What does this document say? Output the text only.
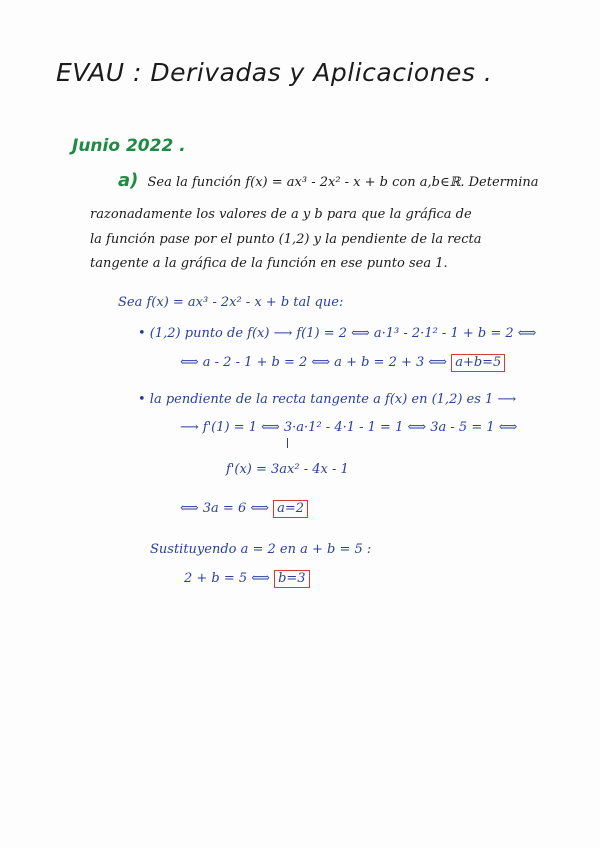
EVAU : Derivadas y Aplicaciones .
Junio 2022 .
a) Sea la función f(x) = ax³ - 2x² - x + b con a,b∈ℝ. Determina
razonadamente los valores de a y b para que la gráfica de
la función pase por el punto (1,2) y la pendiente de la recta
tangente a la gráfica de la función en ese punto sea 1.
Sea f(x) = ax³ - 2x² - x + b tal que:
• (1,2) punto de f(x) ⟶ f(1) = 2 ⟺ a·1³ - 2·1² - 1 + b = 2 ⟺
⟺ a - 2 - 1 + b = 2 ⟺ a + b = 2 + 3 ⟺ a+b=5
• la pendiente de la recta tangente a f(x) en (1,2) es 1 ⟶
⟶ f'(1) = 1 ⟺ 3·a·1² - 4·1 - 1 = 1 ⟺ 3a - 5 = 1 ⟺
f'(x) = 3ax² - 4x - 1
⟺ 3a = 6 ⟺ a=2
Sustituyendo a = 2 en a + b = 5 :
2 + b = 5 ⟺ b=3
